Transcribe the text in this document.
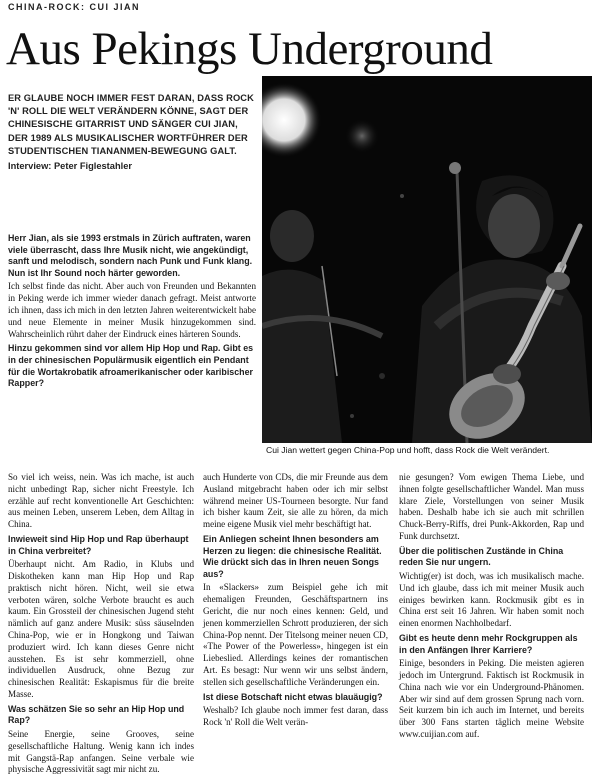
CHINA-ROCK: CUI JIAN
Aus Pekings Underground
Cui Jian wettert gegen China-Pop und hofft, dass Rock die Welt verändert.
ER GLAUBE NOCH IMMER FEST DARAN, DASS ROCK 'N' ROLL DIE WELT VERÄNDERN KÖNNE, SAGT DER CHINESISCHE GITARRIST UND SÄNGER CUI JIAN, DER 1989 ALS MUSIKALISCHER WORTFÜHRER DER STUDENTISCHEN TIANANMEN-BEWEGUNG GALT.
Interview: Peter Figlestahler

Herr Jian, als sie 1993 erstmals in Zürich auftraten, waren viele überrascht, dass Ihre Musik nicht, wie angekündigt, sanft und melodisch, sondern nach Punk und Funk klang. Nun ist Ihr Sound noch härter geworden.

Ich selbst finde das nicht. Aber auch von Freunden und Bekannten in Peking werde ich immer wieder danach gefragt. Meist antworte ich ihnen, dass ich mich in den letzten Jahren weiterentwickelt habe und neue Elemente in meiner Musik hinzugekommen sind. Wahrscheinlich rührt daher der Eindruck eines härteren Sounds.

Hinzu gekommen sind vor allem Hip Hop und Rap. Gibt es in der chinesischen Populärmusik eigentlich ein Pendant für die Wortakrobatik afroamerikanischer oder karibischer Rapper?

So viel ich weiss, nein. Was ich mache, ist auch nicht unbedingt Rap, sicher nicht Freestyle. Ich erzähle auf recht konventionelle Art Geschichten: aus meinen Leben, unserem Leben, dem Alltag in China.

Inwieweit sind Hip Hop und Rap überhaupt in China verbreitet?

Überhaupt nicht. Am Radio, in Klubs und Diskotheken kann man Hip Hop und Rap praktisch nicht hören. Nicht, weil sie etwa verboten wären, solche Verbote braucht es auch kaum. Ein Grossteil der chinesischen Jugend steht nämlich auf ganz andere Musik: süss säuselnden China-Pop, wie er in Hongkong und Taiwan produziert wird. Ich kann dieses Genre nicht ausstehen. Es ist sehr kommerziell, ohne individuellen Ausdruck, ohne Bezug zur chinesischen Realität: Eskapismus für die breite Masse.

Was schätzen Sie so sehr an Hip Hop und Rap?

Seine Energie, seine Grooves, seine gesellschaftliche Haltung. Wenig kann ich indes mit Gangstä-Rap anfangen. Seine verbale wie physische Aggressivität sagt mir nicht zu.

auch Hunderte von CDs, die mir Freunde aus dem Ausland mitgebracht haben oder ich mir selbst während meiner US-Tourneen besorgte. Nur fand ich bisher kaum Zeit, sie alle zu hören, da mich meine eigene Musik viel mehr beschäftigt hat.

Ein Anliegen scheint Ihnen besonders am Herzen zu liegen: die chinesische Realität. Wie drückt sich das in Ihren neuen Songs aus?

In «Slackers» zum Beispiel gehe ich mit ehemaligen Freunden, Geschäftspartnern ins Gericht, die nur noch eines kennen: Geld, und jenen kommerziellen Schrott produzieren, der sich China-Pop nennt. Der Titelsong meiner neuen CD, «The Power of the Powerless», hingegen ist ein Liebeslied. Allerdings keines der romantischen Art. Es besagt: Nur wenn wir uns selbst ändern, stellen sich gesellschaftliche Veränderungen ein.

Ist diese Botschaft nicht etwas blauäugig?

Weshalb? Ich glaube noch immer fest daran, dass Rock 'n' Roll die Welt verän-

nie gesungen? Vom ewigen Thema Liebe, und ihnen folgte gesellschaftlicher Wandel. Man muss klare Ziele, Vorstellungen von seiner Musik haben. Deshalb habe ich sie auch mit schrillen Chuck-Berry-Riffs, drei Punk-Akkorden, Rap und Funk durchsetzt.

Über die politischen Zustände in China reden Sie nur ungern.

Wichtig(er) ist doch, was ich musikalisch mache. Und ich glaube, dass ich mit meiner Musik auch einiges bewirken kann. Rockmusik gibt es in China erst seit 16 Jahren. Wir haben somit noch einen enormen Nachholbedarf.

Gibt es heute denn mehr Rockgruppen als in den Anfängen Ihrer Karriere?

Einige, besonders in Peking. Die meisten agieren jedoch im Untergrund. Faktisch ist Rockmusik in China nach wie vor ein Underground-Phänomen. Aber wir sind auf dem grossen Sprung nach vorn. Seit kurzem bin ich auch im Internet, und bereits über 300 Fans starten täglich meine Website www.cuijian.com auf.
